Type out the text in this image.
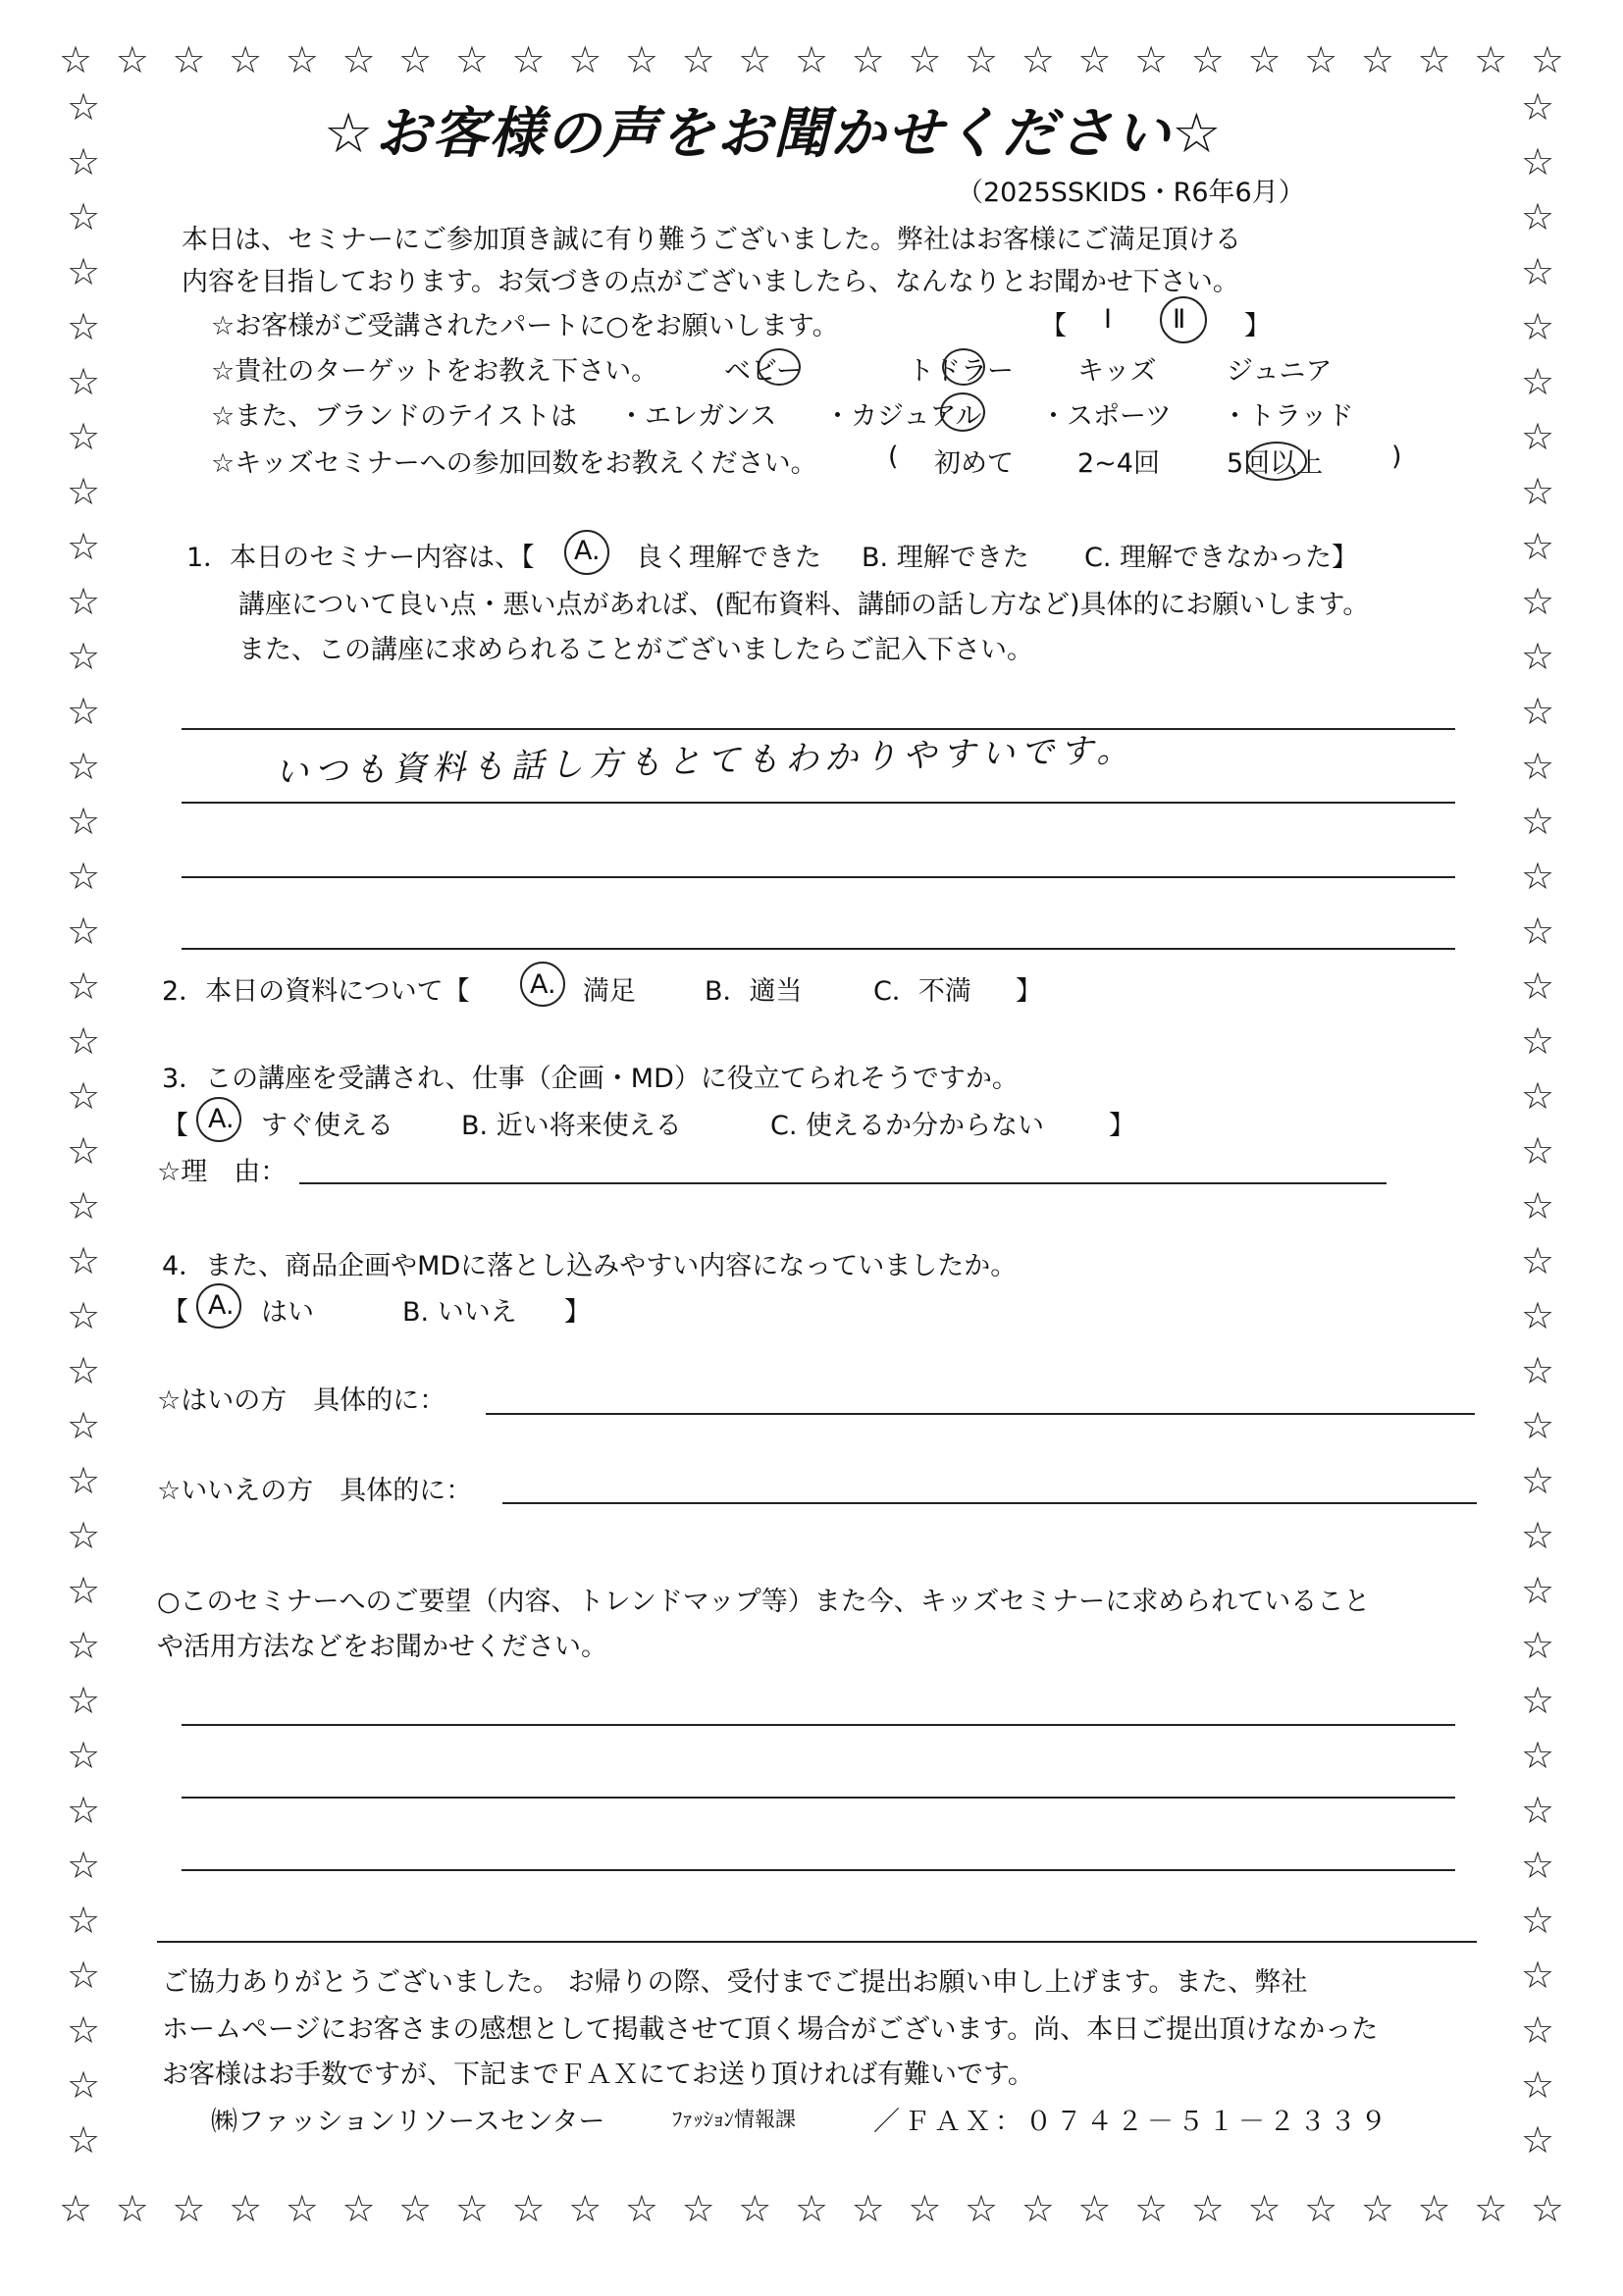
☆ ☆ ☆ ☆ ☆ ☆ ☆ ☆ ☆ ☆ ☆ ☆ ☆ ☆ ☆ ☆ ☆ ☆ ☆ ☆ ☆ ☆ ☆ ☆ ☆ ☆ ☆
☆ ☆ ☆ ☆ ☆ ☆ ☆ ☆ ☆ ☆ ☆ ☆ ☆ ☆ ☆ ☆ ☆ ☆ ☆ ☆ ☆ ☆ ☆ ☆ ☆ ☆ ☆
☆
☆
☆
☆
☆
☆
☆
☆
☆
☆
☆
☆
☆
☆
☆
☆
☆
☆
☆
☆
☆
☆
☆
☆
☆
☆
☆
☆
☆
☆
☆
☆
☆
☆
☆
☆
☆
☆
☆
☆
☆
☆
☆
☆
☆
☆
☆
☆
☆
☆
☆
☆
☆
☆
☆
☆
☆
☆
☆
☆
☆
☆
☆
☆
☆
☆
☆
☆
☆
☆
☆
☆
☆
☆
☆
☆
☆お客様の声をお聞かせください☆
（2025SSKIDS・R6年6月）
本日は、セミナーにご参加頂き誠に有り難うございました。弊社はお客様にご満足頂ける
内容を目指しております。お気づきの点がございましたら、なんなりとお聞かせ下さい。
☆お客様がご受講されたパートに○をお願いします。	【 Ⅰ Ⅱ 】
☆貴社のターゲットをお教え下さい。	ベビー	トドラー キッズ	ジュニア
☆また、ブランドのテイストは ・エレガンス ・カジュアル ・スポーツ ・トラッド
☆キッズセミナーへの参加回数をお教えください。	( 初めて 2~4回	5回以上	)
1．本日のセミナー内容は、【 A. 良く理解できた B. 理解できた C. 理解できなかった】
講座について良い点・悪い点があれば、(配布資料、講師の話し方など)具体的にお願いします。
また、この講座に求められることがございましたらご記入下さい。
いつも資料も話し方もとてもわかりやすいです。
2．本日の資料について【 A. 満足	B．適当	C．不満 】
3．この講座を受講され、仕事（企画・MD）に役立てられそうですか。
【 A. すぐ使える	B. 近い将来使える	C. 使えるか分からない 】
☆理　由：
4．また、商品企画やMDに落とし込みやすい内容になっていましたか。
【 A. はい	B. いいえ 】
☆はいの方　具体的に：
☆いいえの方　具体的に：
○このセミナーへのご要望（内容、トレンドマップ等）また今、キッズセミナーに求められていること
や活用方法などをお聞かせください。
ご協力ありがとうございました。 お帰りの際、受付までご提出お願い申し上げます。また、弊社
ホームページにお客さまの感想として掲載させて頂く場合がございます。尚、本日ご提出頂けなかった
お客様はお手数ですが、下記までＦＡＸにてお送り頂ければ有難いです。
㈱ファッションリソースセンター	ﾌｧｯｼｮﾝ情報課	／ＦＡＸ：０７４２－５１－２３３９
